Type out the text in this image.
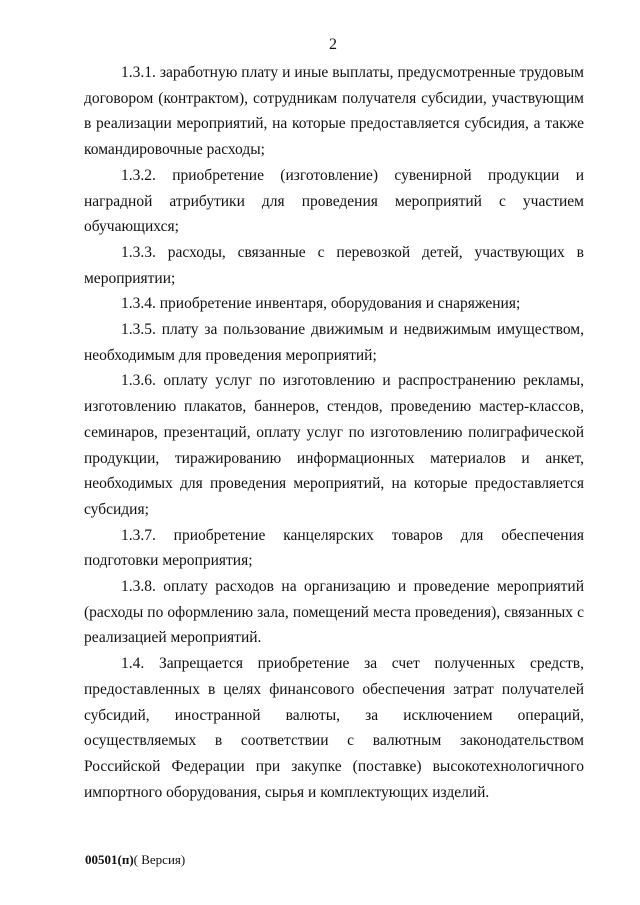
2

1.3.1. заработную плату и иные выплаты, предусмотренные трудовым договором (контрактом), сотрудникам получателя субсидии, участвующим в реализации мероприятий, на которые предоставляется субсидия, а также командировочные расходы;

1.3.2. приобретение (изготовление) сувенирной продукции и наградной атрибутики для проведения мероприятий с участием обучающихся;

1.3.3. расходы, связанные с перевозкой детей, участвующих в мероприятии;

1.3.4. приобретение инвентаря, оборудования и снаряжения;

1.3.5. плату за пользование движимым и недвижимым имуществом, необходимым для проведения мероприятий;

1.3.6. оплату услуг по изготовлению и распространению рекламы, изготовлению плакатов, баннеров, стендов, проведению мастер-классов, семинаров, презентаций, оплату услуг по изготовлению полиграфической продукции, тиражированию информационных материалов и анкет, необходимых для проведения мероприятий, на которые предоставляется субсидия;

1.3.7. приобретение канцелярских товаров для обеспечения подготовки мероприятия;

1.3.8. оплату расходов на организацию и проведение мероприятий (расходы по оформлению зала, помещений места проведения), связанных с реализацией мероприятий.

1.4. Запрещается приобретение за счет полученных средств, предоставленных в целях финансового обеспечения затрат получателей субсидий, иностранной валюты, за исключением операций, осуществляемых в соответствии с валютным законодательством Российской Федерации при закупке (поставке) высокотехнологичного импортного оборудования, сырья и комплектующих изделий.

00501(п)( Версия)
